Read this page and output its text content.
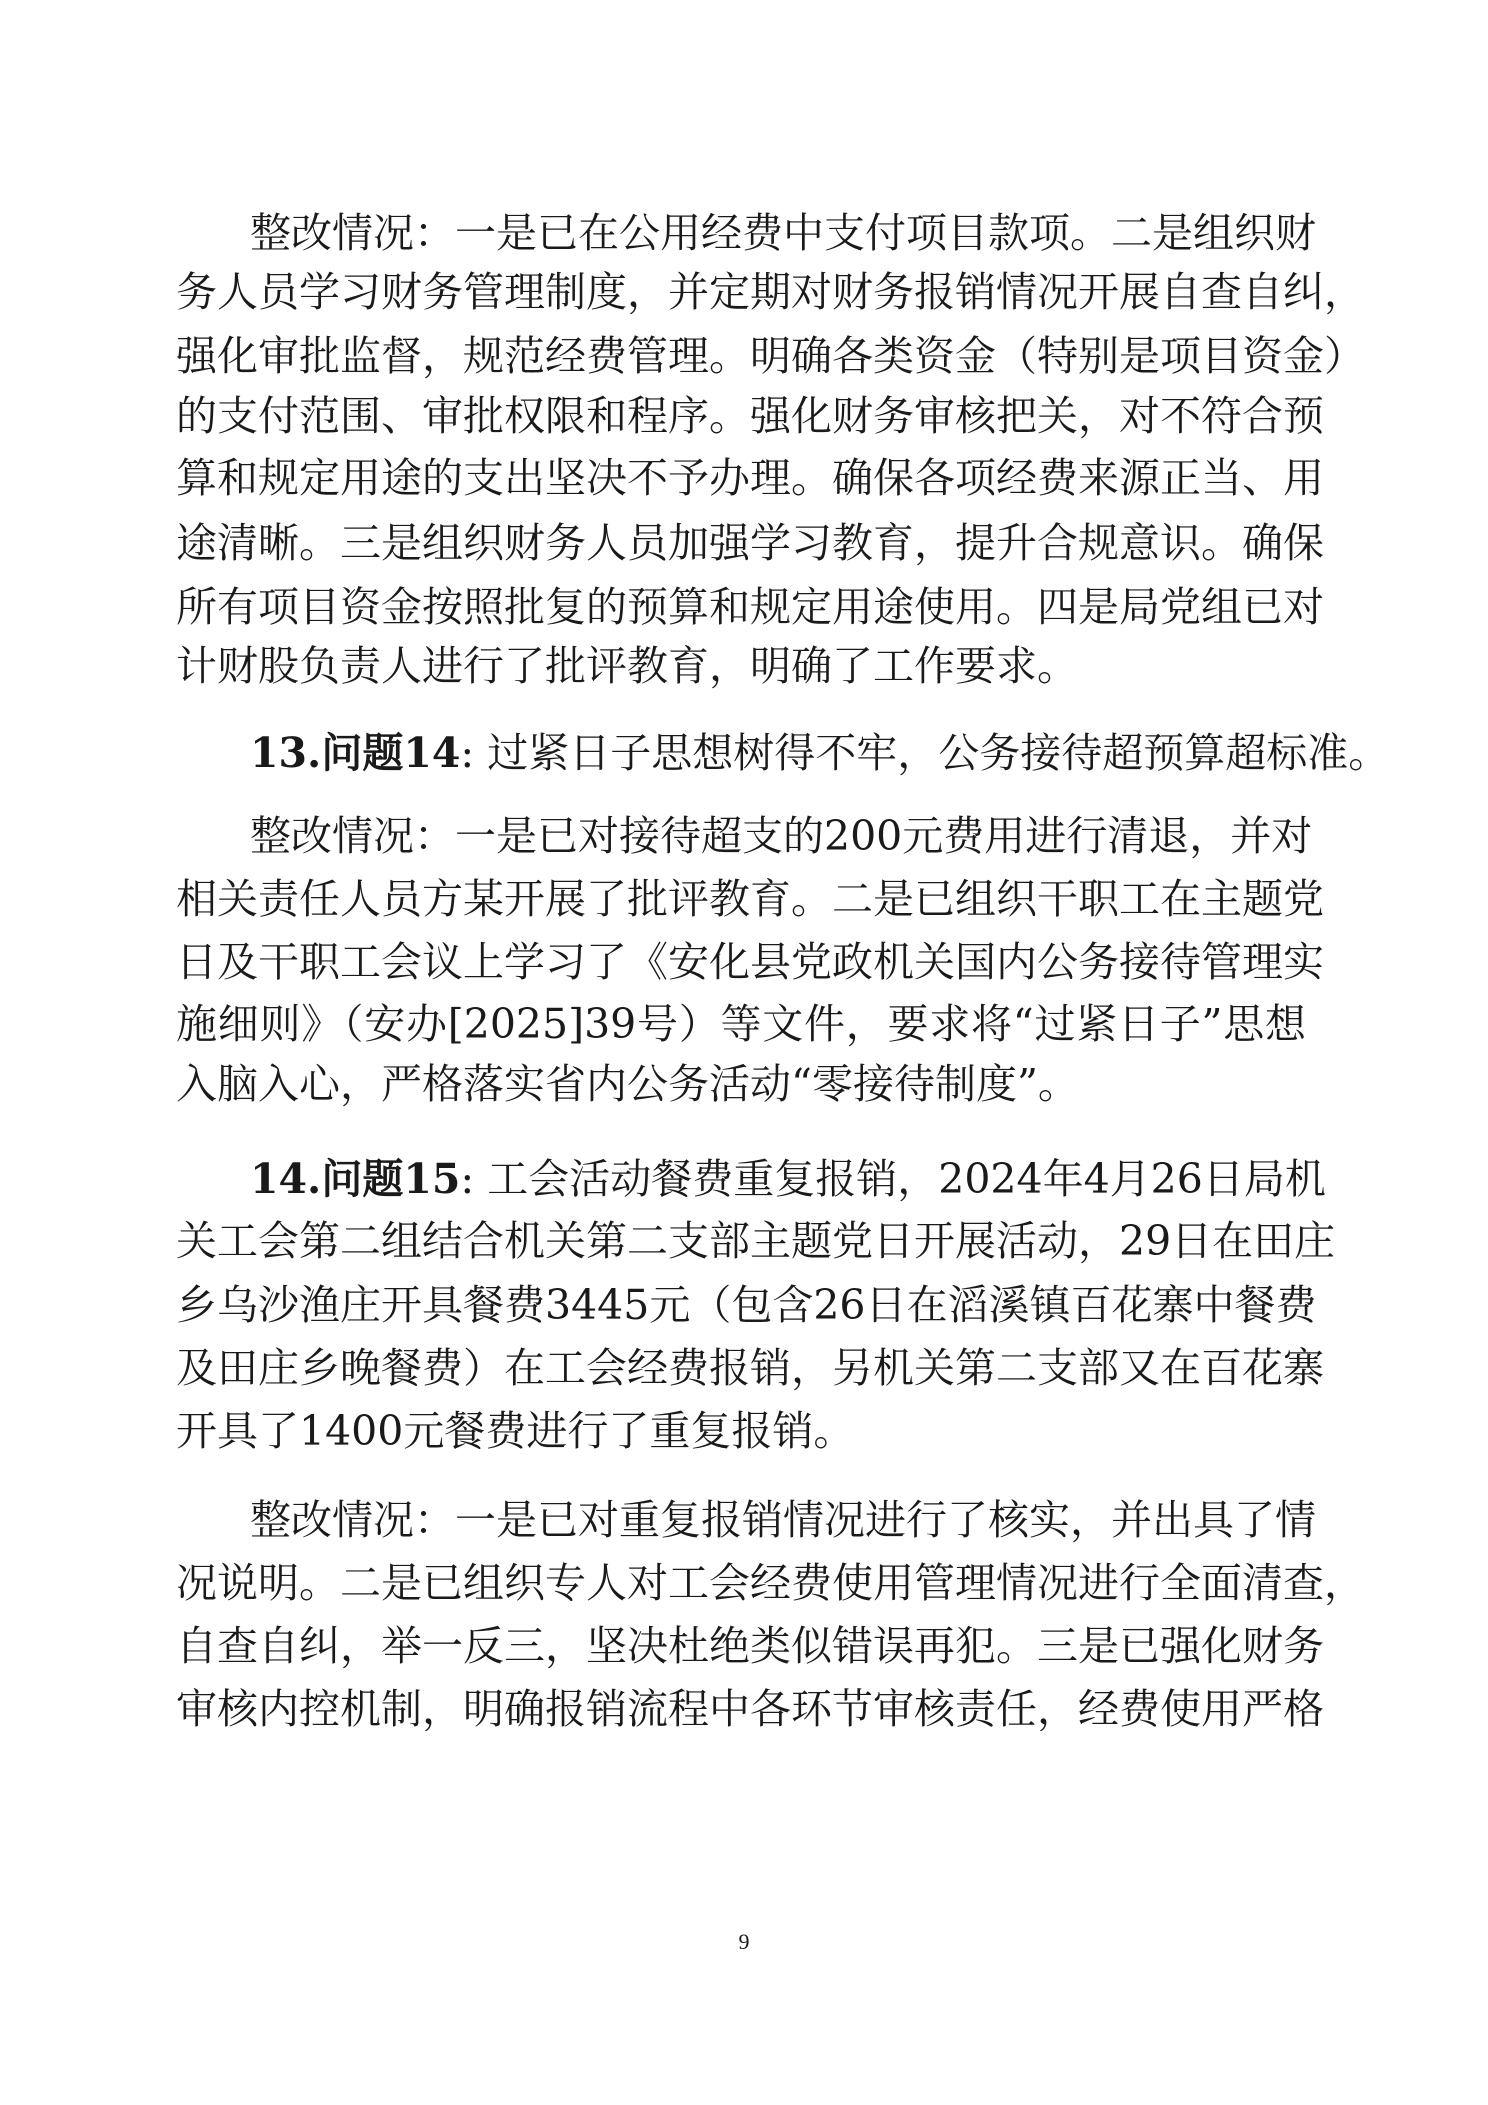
整改情况：一是已在公用经费中支付项目款项。二是组织财
务人员学习财务管理制度，并定期对财务报销情况开展自查自纠，
强化审批监督，规范经费管理。明确各类资金（特别是项目资金）
的支付范围、审批权限和程序。强化财务审核把关，对不符合预
算和规定用途的支出坚决不予办理。确保各项经费来源正当、用
途清晰。三是组织财务人员加强学习教育，提升合规意识。确保
所有项目资金按照批复的预算和规定用途使用。四是局党组已对
计财股负责人进行了批评教育，明确了工作要求。
13.问题14: 过紧日子思想树得不牢，公务接待超预算超标准。
整改情况：一是已对接待超支的200元费用进行清退，并对
相关责任人员方某开展了批评教育。二是已组织干职工在主题党
日及干职工会议上学习了《安化县党政机关国内公务接待管理实
施细则》（安办[2025]39号）等文件，要求将“过紧日子”思想
入脑入心，严格落实省内公务活动“零接待制度”。
14.问题15: 工会活动餐费重复报销，2024年4月26日局机
关工会第二组结合机关第二支部主题党日开展活动，29日在田庄
乡乌沙渔庄开具餐费3445元（包含26日在滔溪镇百花寨中餐费
及田庄乡晚餐费）在工会经费报销，另机关第二支部又在百花寨
开具了1400元餐费进行了重复报销。
整改情况：一是已对重复报销情况进行了核实，并出具了情
况说明。二是已组织专人对工会经费使用管理情况进行全面清查，
自查自纠，举一反三，坚决杜绝类似错误再犯。三是已强化财务
审核内控机制，明确报销流程中各环节审核责任，经费使用严格
9
